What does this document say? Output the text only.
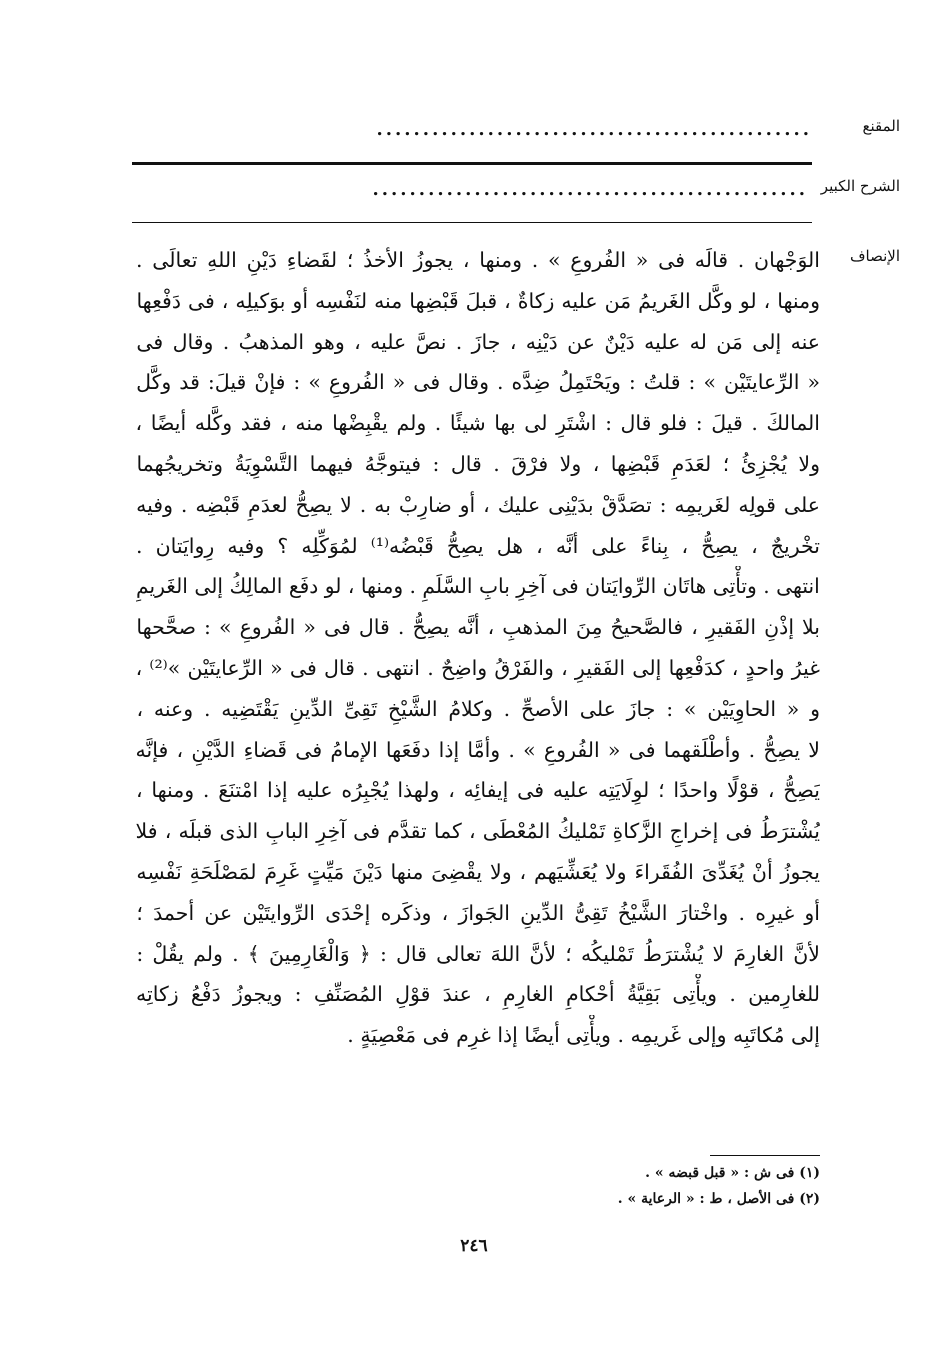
المقنع
...............................................
الشرح الكبير
...............................................
الإنصاف
الوَجْهان . قالَه فى « الفُروعِ » . ومنها ، يجوزُ الأخذُ ؛ لقَضاءِ دَيْنِ اللهِ تعالَى .
ومنها ، لو وكَّل الغَريمُ مَن عليه زكاةٌ ، قبلَ قَبْضِها منه لنَفْسِه أو بوَكيلِه ، فى دَفْعِها
عنه إلى مَن له عليه دَيْنٌ عن دَيْنِه ، جازَ . نصَّ عليه ، وهو المذهبُ . وقال فى
« الرِّعايتَيْن » : قلتُ : ويَحْتَمِلُ ضِدَّه . وقال فى « الفُروعِ » : فإنْ قيلَ: قد وكَّل
المالكَ . قيلَ : فلو قال : اشْتَرِ لى بها شيئًا . ولم يقْبِضْها منه ، فقد وكَّله أيضًا ،
ولا يُجْزِئُ ؛ لعَدَمِ قَبْضِها ، ولا فرْقَ . قال : فيتوجَّهُ فيهما التَّسْوِيَةُ وتخريجُهما
على قولِه لغَريمِه : تصَدَّقْ بدَيْنِى عليك ، أو ضارِبْ به . لا يصِحُّ لعدَمِ قَبْضِه . وفيه
تخْريجٌ ، يصِحُّ ، بِناءً على أنَّه ، هل يصِحُّ قَبْضُه⁽¹⁾ لمُوَكِّلِه ؟ وفيه رِوايَتان .
انتهى . وتأْتِى هاتَان الرِّوايَتان فى آخِرِ بابِ السَّلَمِ . ومنها ، لو دفَع المالِكُ إلى الغَريمِ
بلا إذْنِ الفَقيرِ ، فالصَّحيحُ مِنَ المذهبِ ، أنَّه يصِحُّ . قال فى « الفُروعِ » : صحَّحها
غيرُ واحدٍ ، كدَفْعِها إلى الفَقيرِ ، والفَرْقُ واضِحٌ . انتهى . قال فى « الرِّعايتَيْن »⁽²⁾ ،
و « الحاوِيَيْن » : جازَ على الأصحِّ . وكلامُ الشَّيْخِ تَقِىِّ الدِّينِ يَقْتَضِيه . وعنه ،
لا يصِحُّ . وأطْلَقهما فى « الفُروعِ » . وأمَّا إذا دفَعَها الإمامُ فى قَضاءِ الدَّيْنِ ، فإنَّه
يَصِحُّ ، قوْلًا واحدًا ؛ لوِلَايَتِه عليه فى إيفائِه ، ولهذا يُجْبِرُه عليه إذا امْتنَعَ . ومنها ،
يُشْترَطُ فى إخراجِ الزَّكاةِ تَمْليكُ المُعْطَى ، كما تقدَّم فى آخِرِ البابِ الذى قبلَه ، فلا
يجوزُ أنْ يُغَدِّىَ الفُقَراءَ ولا يُعَشِّيَهم ، ولا يقْضِىَ منها دَيْنَ مَيِّتٍ غَرِمَ لمَصْلَحَةِ نَفْسِه
أو غيرِه . واخْتارَ الشَّيْخُ تَقِىُّ الدِّينِ الجَوازَ ، وذكَره إحْدَى الرِّوايتَيْن عن أحمدَ ؛
لأنَّ الغارِمَ لا يُشْترَطُ تَمْليكُه ؛ لأنَّ اللهَ تعالى قال : ﴿ وَالْغَارِمِينَ ﴾ . ولم يقُلْ :
للغارِمين . ويأْتِى بَقِيَّةُ أحْكامِ الغارِمِ ، عندَ قوْلِ المُصَنِّفِ : ويجوزُ دَفْعُ زكاتِه
إلى مُكاتَبِه وإلى غَريمِه . ويأْتِى أيضًا إذا غرِم فى مَعْصِيَةٍ .
(١) فى ش : « قبل قبضه » .
(٢) فى الأصل ، ط : « الرعاية » .
٢٤٦
